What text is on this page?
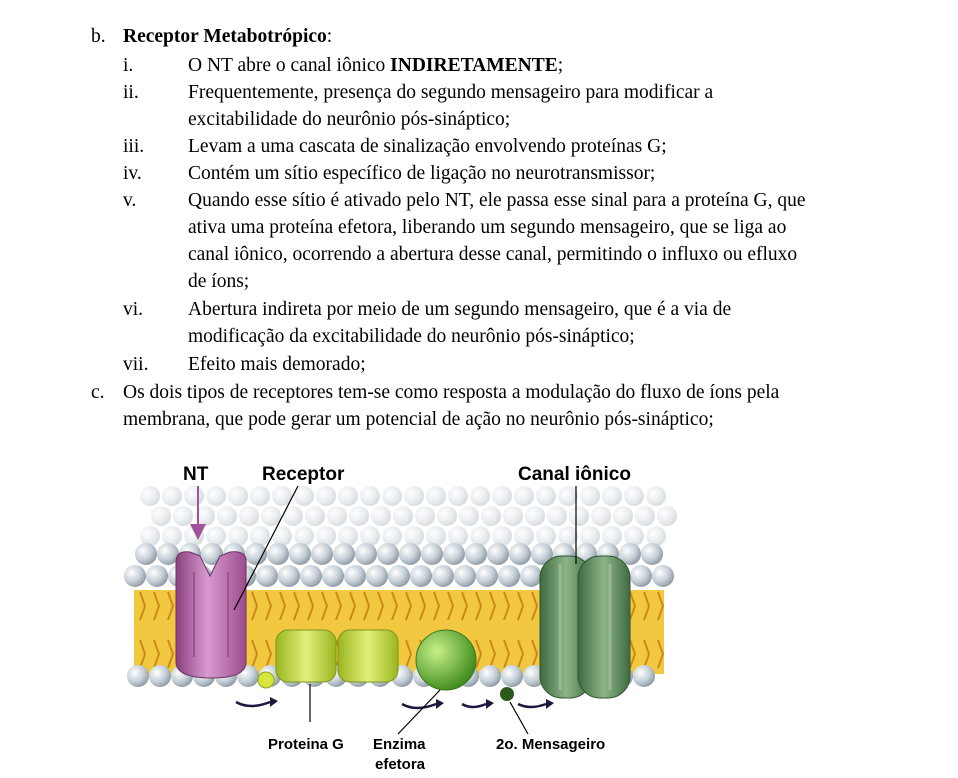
b. Receptor Metabotrópico:
i.	O NT abre o canal iônico INDIRETAMENTE;
ii.	Frequentemente, presença do segundo mensageiro para modificar a
excitabilidade do neurônio pós-sináptico;
iii. Levam a uma cascata de sinalização envolvendo proteínas G;
iv. Contém um sítio específico de ligação no neurotransmissor;
v.	Quando esse sítio é ativado pelo NT, ele passa esse sinal para a proteína G, que
ativa uma proteína efetora, liberando um segundo mensageiro, que se liga ao
canal iônico, ocorrendo a abertura desse canal, permitindo o influxo ou efluxo
de íons;
vi. Abertura indireta por meio de um segundo mensageiro, que é a via de
modificação da excitabilidade do neurônio pós-sináptico;
vii. Efeito mais demorado;
c. Os dois tipos de receptores tem-se como resposta a modulação do fluxo de íons pela
membrana, que pode gerar um potencial de ação no neurônio pós-sináptico;
NT	Receptor	Canal iônico
Proteina G Enzima
efetora
2o. Mensageiro
